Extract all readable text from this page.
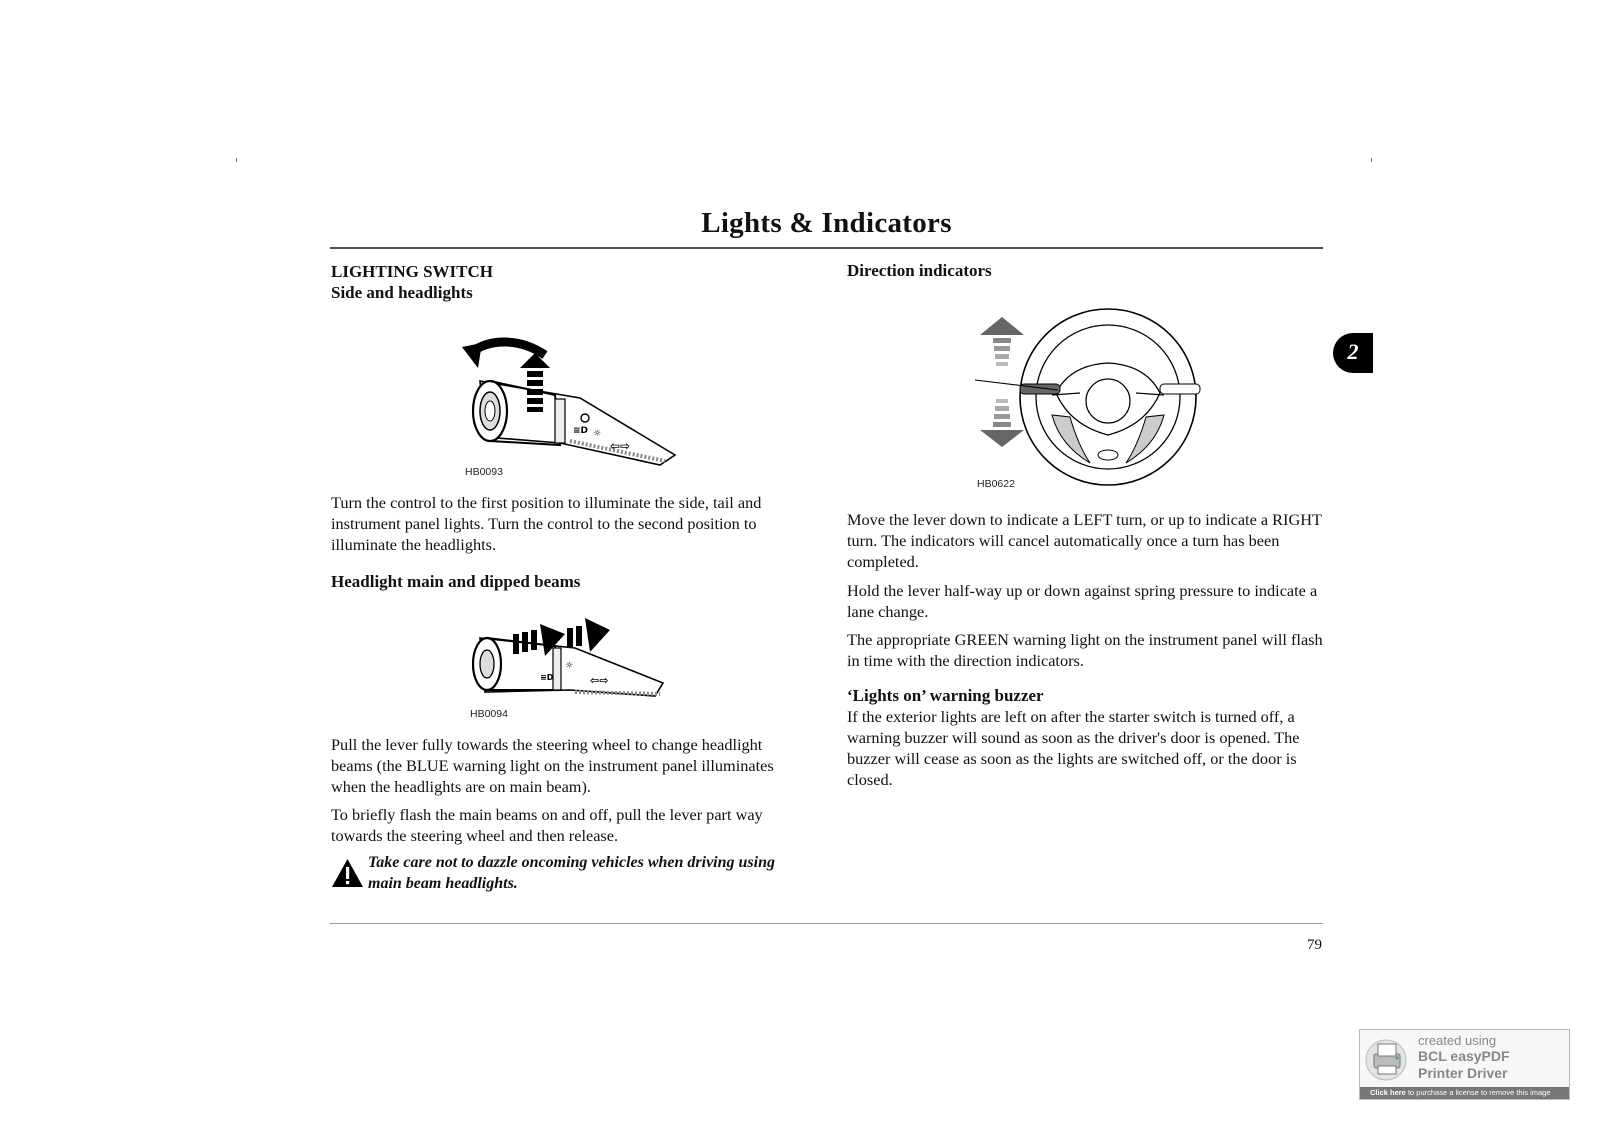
Lights & Indicators
2
LIGHTING SWITCH
Side and headlights
≡D ☼
⇦⇨
HB0093
Turn the control to the first position to illuminate the side, tail and instrument panel lights. Turn the control to the second position to illuminate the headlights.
Headlight main and dipped beams
≡D
☼
⇦⇨
HB0094
Pull the lever fully towards the steering wheel to change headlight beams (the BLUE warning light on the instrument panel illuminates when the headlights are on main beam).
To briefly flash the main beams on and off, pull the lever part way towards the steering wheel and then release.
Take care not to dazzle oncoming vehicles when driving using main beam headlights.
Direction indicators
HB0622
Move the lever down to indicate a LEFT turn, or up to indicate a RIGHT turn. The indicators will cancel automatically once a turn has been completed.
Hold the lever half-way up or down against spring pressure to indicate a lane change.
The appropriate GREEN warning light on the instrument panel will flash in time with the direction indicators.
‘Lights on’ warning buzzer
If the exterior lights are left on after the starter switch is turned off, a warning buzzer will sound as soon as the driver's door is opened. The buzzer will cease as soon as the lights are switched off, or the door is closed.
79
created using
BCL easyPDF
Printer Driver
Click here to purchase a license to remove this image
